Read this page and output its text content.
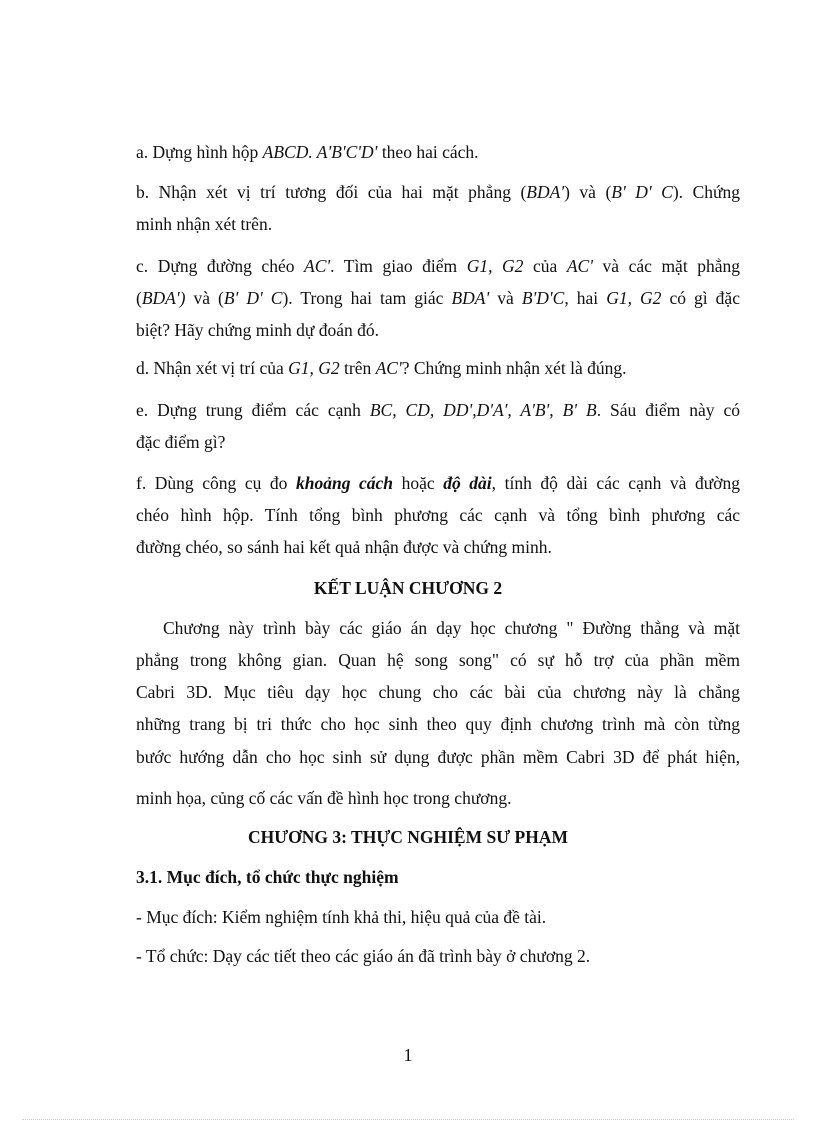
a. Dựng hình hộp ABCD. A'B'C'D' theo hai cách.
b. Nhận xét vị trí tương đối của hai mặt phẳng (BDA') và (B' D' C). Chứng
minh nhận xét trên.
c. Dựng đường chéo AC'. Tìm giao điểm G1, G2 của AC' và các mặt phẳng
(BDA') và (B' D' C). Trong hai tam giác BDA' và B'D'C, hai G1, G2 có gì đặc
biệt? Hãy chứng minh dự đoán đó.
d. Nhận xét vị trí của G1, G2 trên AC'? Chứng minh nhận xét là đúng.
e. Dựng trung điểm các cạnh BC, CD, DD',D'A', A'B', B' B. Sáu điểm này có
đặc điểm gì?
f. Dùng công cụ đo khoảng cách hoặc độ dài, tính độ dài các cạnh và đường
chéo hình hộp. Tính tổng bình phương các cạnh và tổng bình phương các
đường chéo, so sánh hai kết quả nhận được và chứng minh.
KẾT LUẬN CHƯƠNG 2
Chương này trình bày các giáo án dạy học chương " Đường thẳng và mặt
phẳng trong không gian. Quan hệ song song" có sự hỗ trợ của phần mềm
Cabri 3D. Mục tiêu dạy học chung cho các bài của chương này là chẳng
những trang bị tri thức cho học sinh theo quy định chương trình mà còn từng
bước hướng dẫn cho học sinh sử dụng được phần mềm Cabri 3D để phát hiện,
minh họa, củng cố các vấn đề hình học trong chương.
CHƯƠNG 3: THỰC NGHIỆM SƯ PHẠM
3.1. Mục đích, tổ chức thực nghiệm
- Mục đích: Kiểm nghiệm tính khả thi, hiệu quả của đề tài.
- Tổ chức: Dạy các tiết theo các giáo án đã trình bày ở chương 2.
1
